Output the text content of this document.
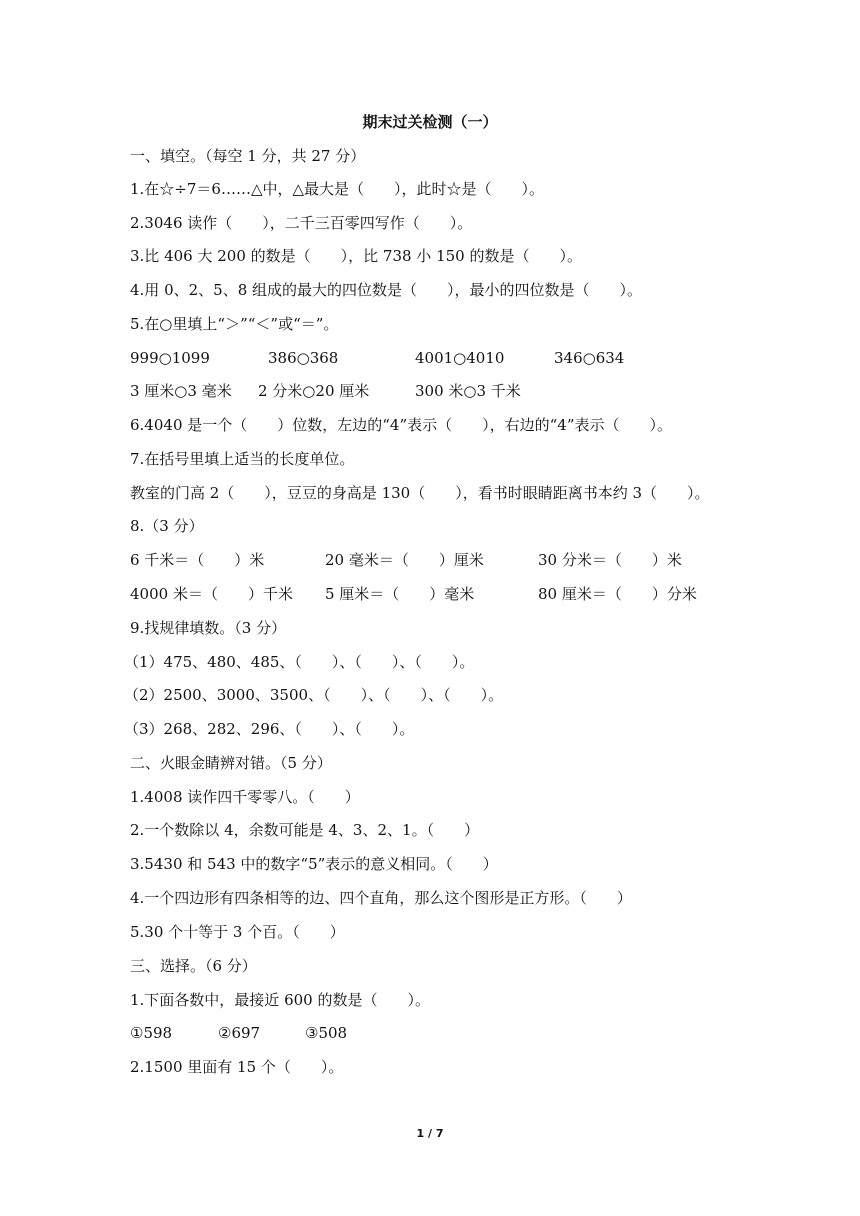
期末过关检测（一）
一、填空。（每空 1 分，共 27 分）
1.在☆÷7＝6……△中，△最大是（　　），此时☆是（　　）。
2.3046 读作（　　），二千三百零四写作（　　）。
3.比 406 大 200 的数是（　　），比 738 小 150 的数是（　　）。
4.用 0、2、5、8 组成的最大的四位数是（　　），最小的四位数是（　　）。
5.在○里填上“＞”“＜”或“＝”。
999○1099	386○368	4001○4010	346○634
3 厘米○3 毫米 2 分米○20 厘米	300 米○3 千米
6.4040 是一个（　　）位数，左边的“4”表示（　　），右边的“4”表示（　　）。
7.在括号里填上适当的长度单位。
教室的门高 2（　　），豆豆的身高是 130（　　），看书时眼睛距离书本约 3（　　）。
8.（3 分）
6 千米＝（　　）米	20 毫米＝（　　）厘米	30 分米＝（　　）米
4000 米＝（　　）千米 5 厘米＝（　　）毫米	80 厘米＝（　　）分米
9.找规律填数。（3 分）
（1）475、480、485、（　　）、（　　）、（　　）。
（2）2500、3000、3500、（　　）、（　　）、（　　）。
（3）268、282、296、（　　）、（　　）。
二、火眼金睛辨对错。（5 分）
1.4008 读作四千零零八。（　　）
2.一个数除以 4，余数可能是 4、3、2、1。（　　）
3.5430 和 543 中的数字“5”表示的意义相同。（　　）
4.一个四边形有四条相等的边、四个直角，那么这个图形是正方形。（　　）
5.30 个十等于 3 个百。（　　）
三、选择。（6 分）
1.下面各数中，最接近 600 的数是（　　）。
①598	②697	③508
2.1500 里面有 15 个（　　）。
1 / 7
